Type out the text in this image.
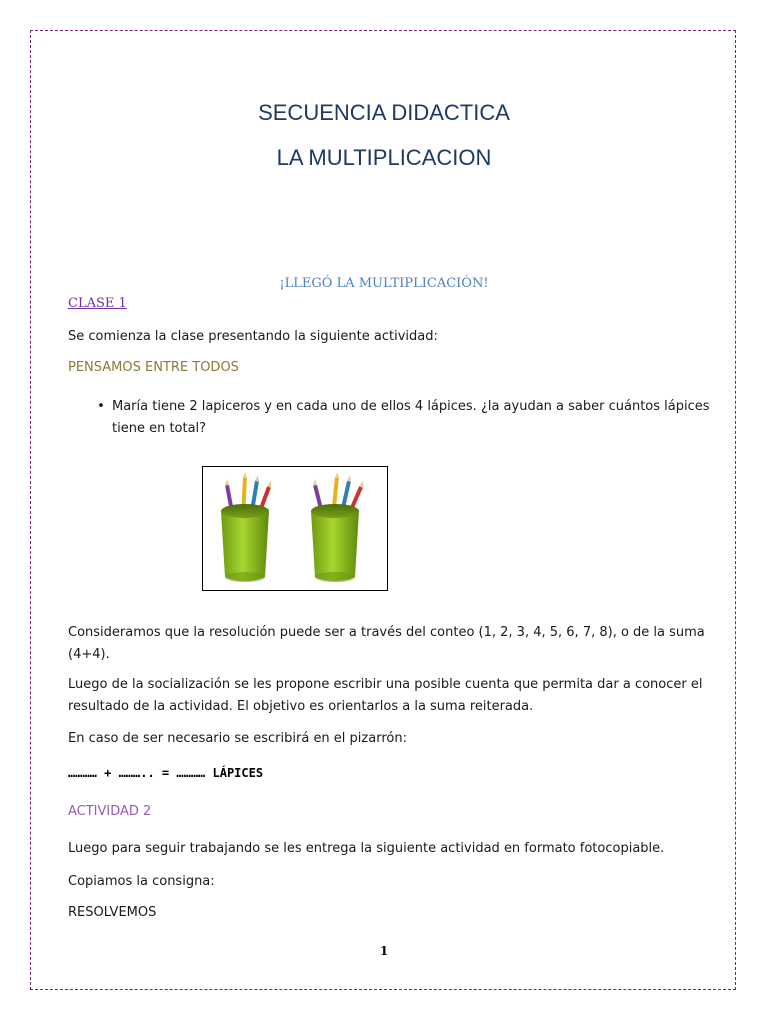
SECUENCIA DIDACTICA
LA MULTIPLICACION
¡LLEGÓ LA MULTIPLICACIÓN!
CLASE 1

Se comienza la clase presentando la siguiente actividad:

PENSAMOS ENTRE TODOS

• María tiene 2 lapiceros y en cada uno de ellos 4 lápices. ¿la ayudan a saber cuántos lápices tiene en total?

Consideramos que la resolución puede ser a través del conteo (1, 2, 3, 4, 5, 6, 7, 8), o de la suma (4+4).

Luego de la socialización se les propone escribir una posible cuenta que permita dar a conocer el resultado de la actividad. El objetivo es orientarlos a la suma reiterada.

En caso de ser necesario se escribirá en el pizarrón:

………… + ……….. = ………… LÁPICES

ACTIVIDAD 2

Luego para seguir trabajando se les entrega la siguiente actividad en formato fotocopiable.

Copiamos la consigna:

RESOLVEMOS

1
